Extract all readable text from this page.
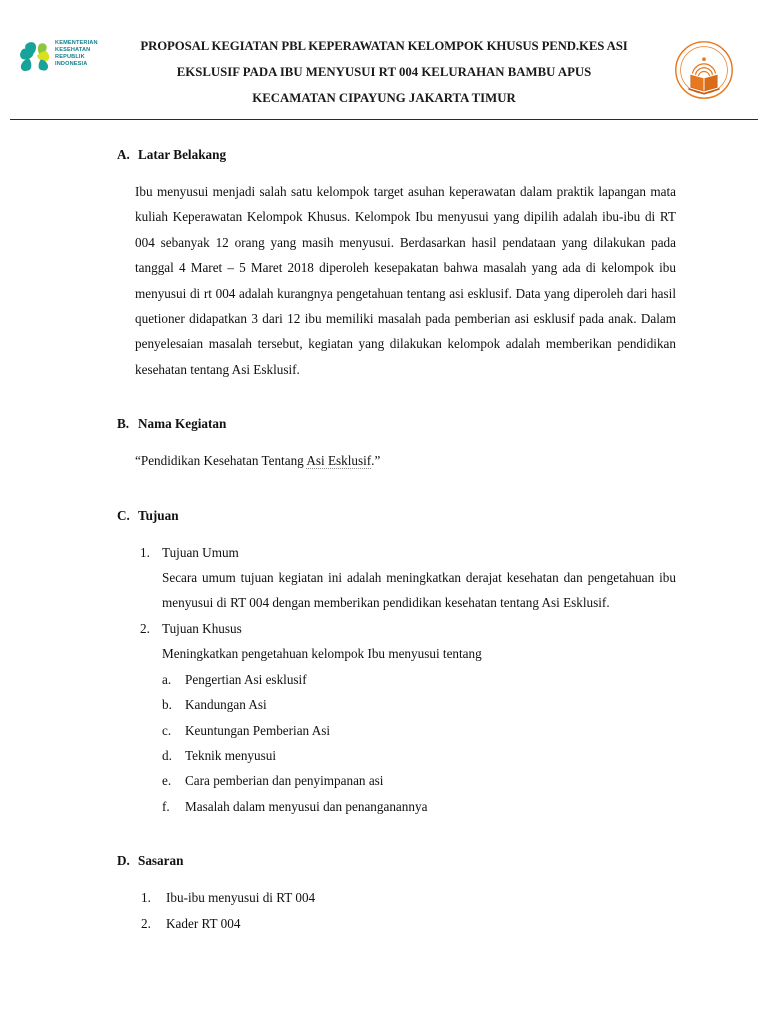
KEMENTERIAN
KESEHATAN
REPUBLIK
INDONESIA
PROPOSAL KEGIATAN PBL KEPERAWATAN KELOMPOK KHUSUS PEND.KES ASI
EKSLUSIF PADA IBU MENYUSUI RT 004 KELURAHAN BAMBU APUS
KECAMATAN CIPAYUNG JAKARTA TIMUR
A. Latar Belakang

Ibu menyusui menjadi salah satu kelompok target asuhan keperawatan dalam praktik lapangan mata kuliah Keperawatan Kelompok Khusus. Kelompok Ibu menyusui yang dipilih adalah ibu-ibu di RT 004 sebanyak 12 orang yang masih menyusui. Berdasarkan hasil pendataan yang dilakukan pada tanggal 4 Maret – 5 Maret 2018 diperoleh kesepakatan bahwa masalah yang ada di kelompok ibu menyusui di rt 004 adalah kurangnya pengetahuan tentang asi esklusif. Data yang diperoleh dari hasil quetioner didapatkan 3 dari 12 ibu memiliki masalah pada pemberian asi esklusif pada anak. Dalam penyelesaian masalah tersebut, kegiatan yang dilakukan kelompok adalah memberikan pendidikan kesehatan tentang Asi Esklusif.

B. Nama Kegiatan

“Pendidikan Kesehatan Tentang Asi Esklusif.”

C. Tujuan
1. Tujuan Umum

Secara umum tujuan kegiatan ini adalah meningkatkan derajat kesehatan dan pengetahuan ibu menyusui di RT 004 dengan memberikan pendidikan kesehatan tentang Asi Esklusif.

2. Tujuan Khusus

Meningkatkan pengetahuan kelompok Ibu menyusui tentang

a.	Pengertian Asi esklusif
b. Kandungan Asi
c.	Keuntungan Pemberian Asi
d. Teknik menyusui
e.	Cara pemberian dan penyimpanan asi
f.	Masalah dalam menyusui dan penanganannya
D. Sasaran
1.	Ibu-ibu menyusui di RT 004
2.	Kader RT 004
